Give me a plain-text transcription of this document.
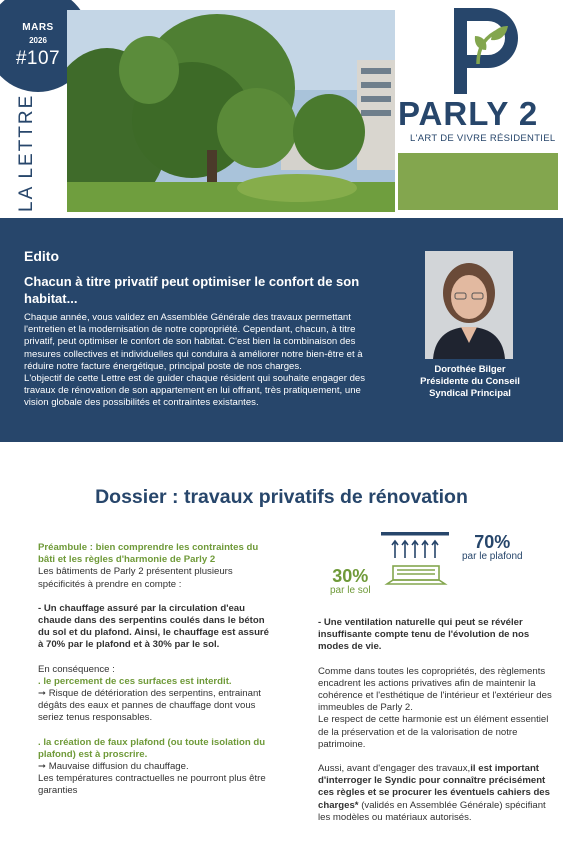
MARS
2026
#107
LA LETTRE	PARLY 2
L'ART DE VIVRE RÉSIDENTIEL
Edito
Chacun à titre privatif peut optimiser le confort de son habitat...

Chaque année, vous validez en Assemblée Générale des travaux permettant l'entretien et la modernisation de notre copropriété. Cependant, chacun, à titre privatif, peut optimiser le confort de son habitat. C'est bien la combinaison des mesures collectives et individuelles qui conduira à améliorer notre bien-être et à réduire notre facture énergétique, principal poste de nos charges.

L'objectif de cette Lettre est de guider chaque résident qui souhaite engager des travaux de rénovation de son appartement en lui offrant, très pratiquement, une vision globale des possibilités et contraintes existantes.

Dorothée Bilger
Présidente du Conseil
Syndical Principal
Dossier : travaux privatifs de rénovation
70%
par le plafond
30%
par le sol
Préambule : bien comprendre les contraintes du bâti et les règles d'harmonie de Parly 2

Les bâtiments de Parly 2 présentent plusieurs spécificités à prendre en compte :

- Un chauffage assuré par la circulation d'eau chaude dans des serpentins coulés dans le béton du sol et du plafond. Ainsi, le chauffage est assuré à 70% par le plafond et à 30% par le sol.

En conséquence :
. le percement de ces surfaces est interdit.

➞ Risque de détérioration des serpentins, entrainant dégâts des eaux et pannes de chauffage dont vous seriez tenus responsables.

. la création de faux plafond (ou toute isolation du plafond) est à proscrire.
➞ Mauvaise diffusion du chauffage.
Les températures contractuelles ne pourront plus être garanties

- Une ventilation naturelle qui peut se révéler insuffisante compte tenu de l'évolution de nos modes de vie.

Comme dans toutes les copropriétés, des règlements encadrent les actions privatives afin de maintenir la cohérence et l'esthétique de l'intérieur et l'extérieur des immeubles de Parly 2.

Le respect de cette harmonie est un élément essentiel de la préservation et de la valorisation de notre patrimoine.

Aussi, avant d'engager des travaux,il est important d'interroger le Syndic pour connaître précisément ces règles et se procurer les éventuels cahiers des charges* (validés en Assemblée Générale) spécifiant les modèles ou matériaux autorisés.
